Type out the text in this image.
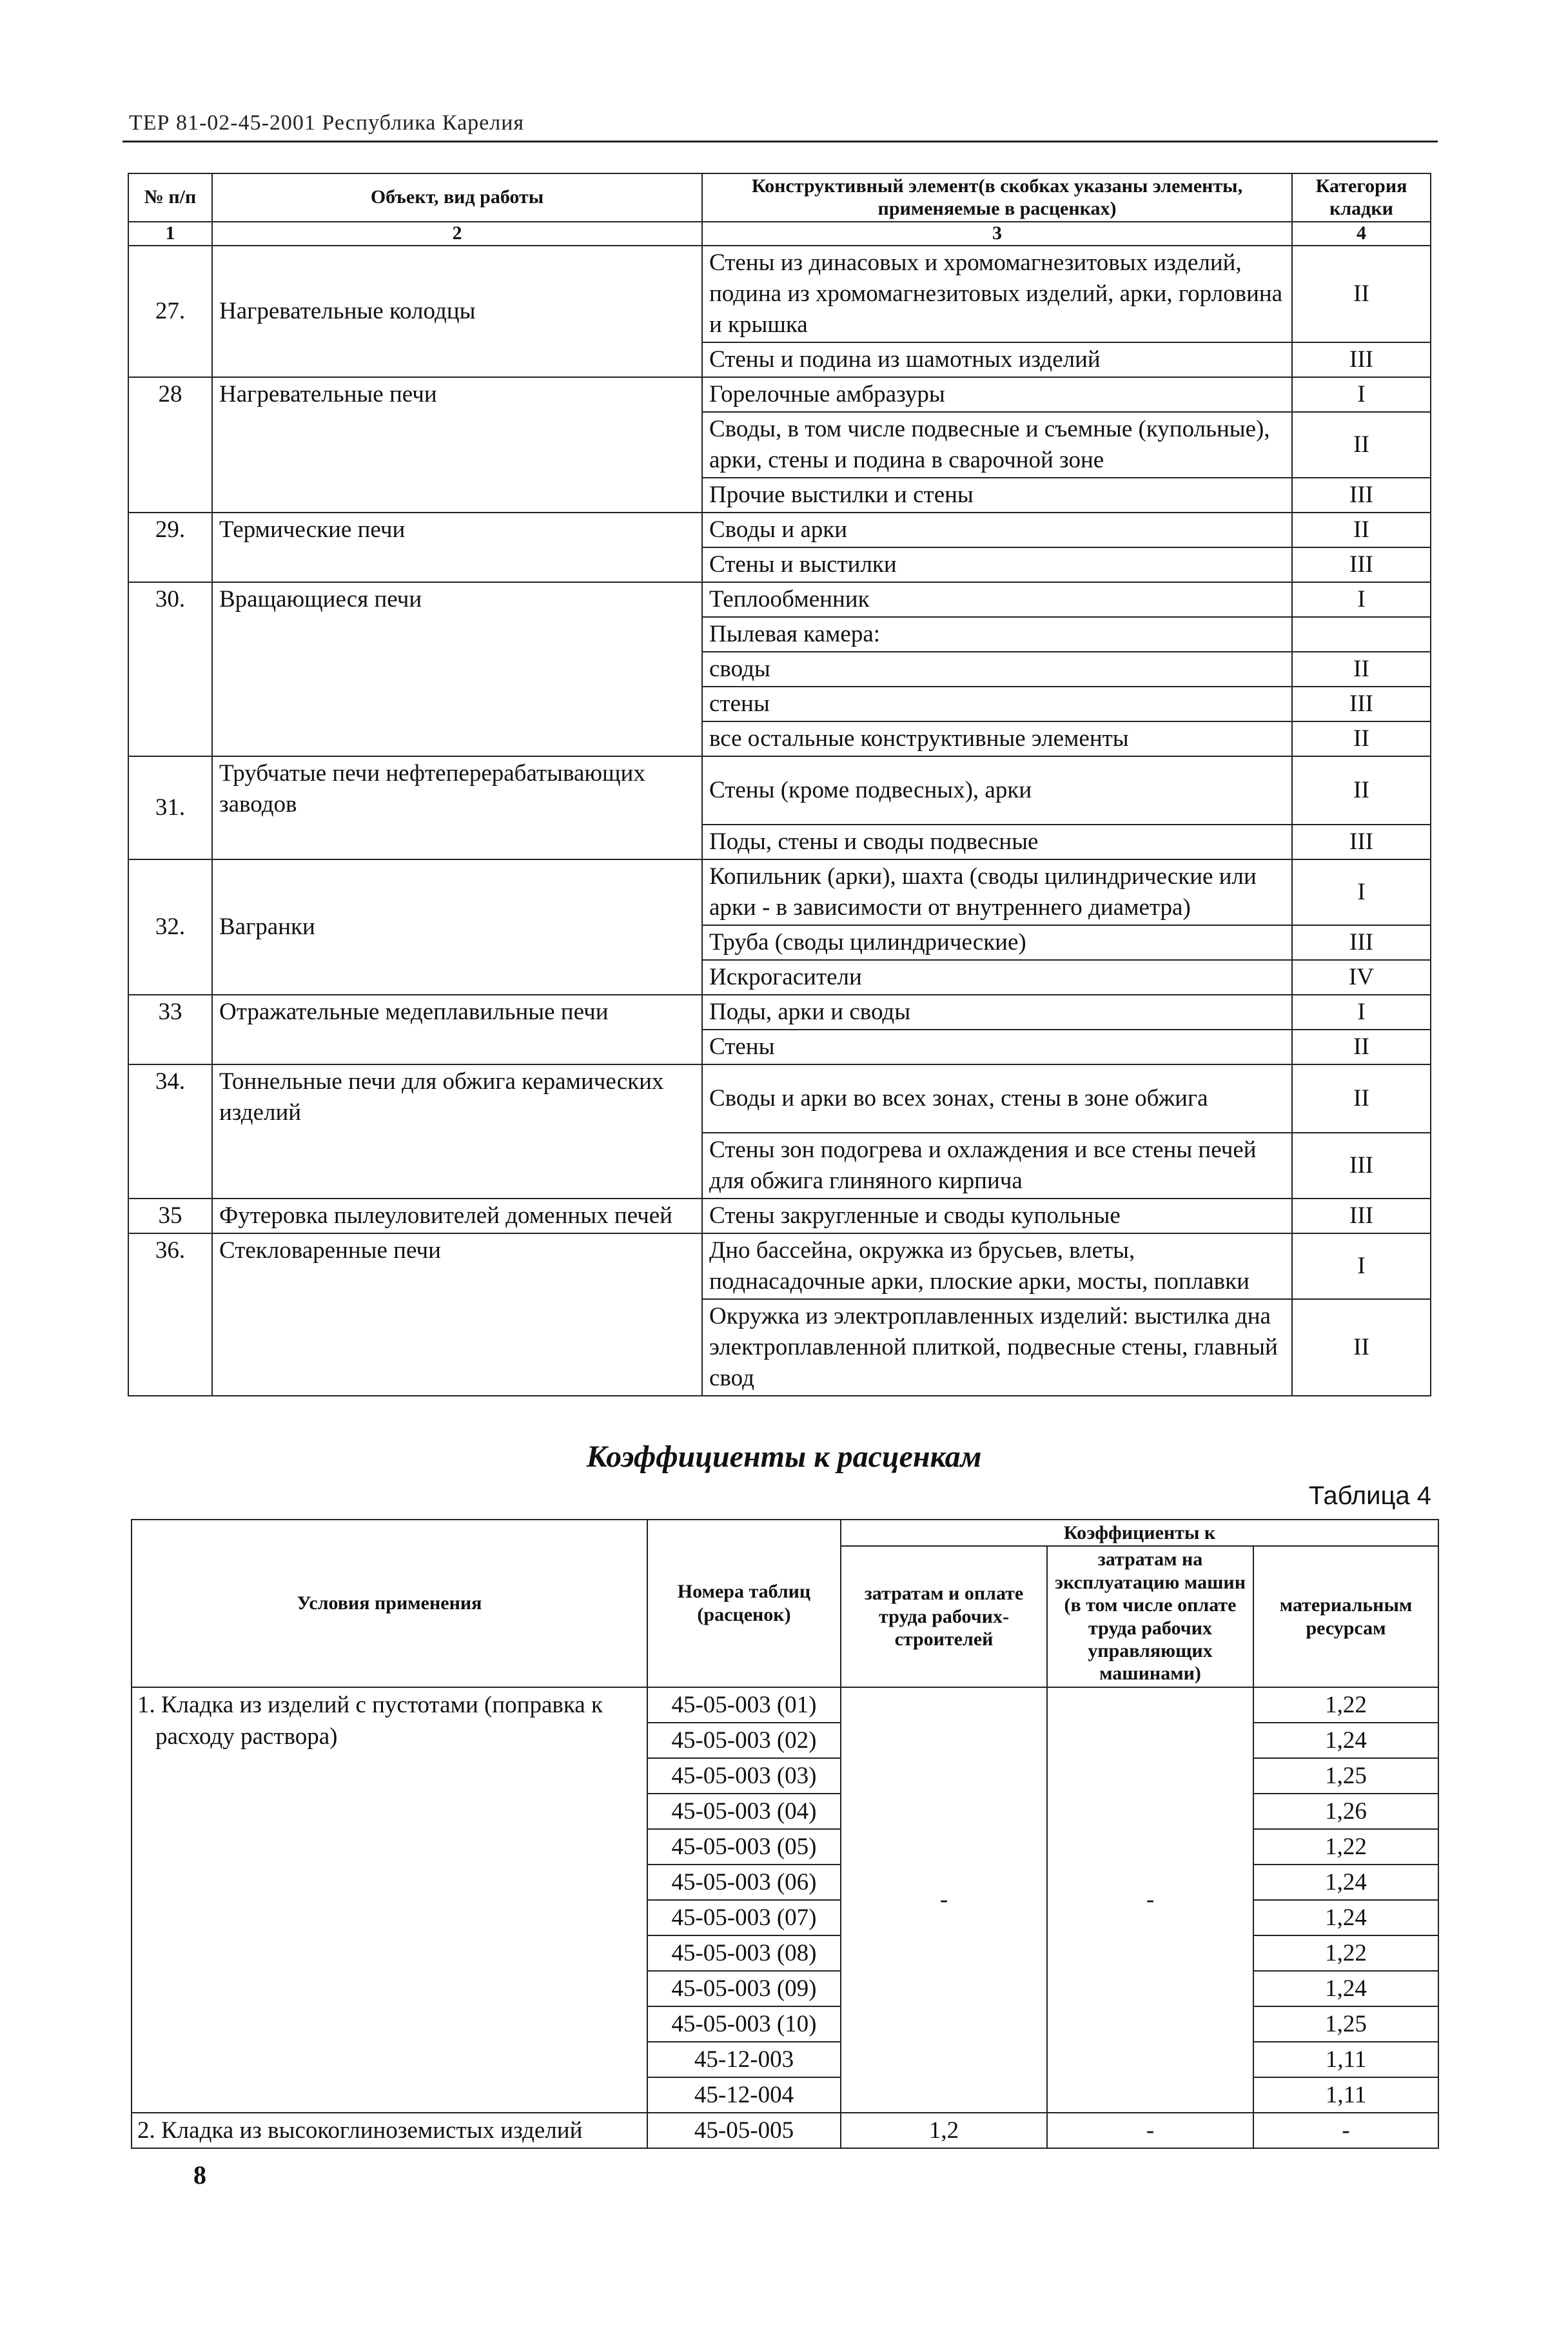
ТЕР 81-02-45-2001 Республика Карелия
№ п/п	Объект, вид работы	Конструктивный элемент(в скобках указаны элементы, применяемые в расценках)	Категория кладки
1	2	3	4
27.	Нагревательные колодцы	Стены из динасовых и хромомагнезитовых изделий, подина из хромомагнезитовых изделий, арки, горловина и крышка	II
		Стены и подина из шамотных изделий	III
28	Нагревательные печи	Горелочные амбразуры	I
		Своды, в том числе подвесные и съемные (купольные), арки, стены и подина в сварочной зоне	II
		Прочие выстилки и стены	III
29.	Термические печи	Своды и арки	II
		Стены и выстилки	III
30.	Вращающиеся печи	Теплообменник	I
		Пылевая камера:	
		своды	II
		стены	III
		все остальные конструктивные элементы	II
31.	Трубчатые печи нефтеперерабатывающих заводов	Стены (кроме подвесных), арки	II
		Поды, стены и своды подвесные	III
32.	Вагранки	Копильник (арки), шахта (своды цилиндрические или арки - в зависимости от внутреннего диаметра)	I
		Труба (своды цилиндрические)	III
		Искрогасители	IV
33	Отражательные медеплавильные печи	Поды, арки и своды	I
		Стены	II
34.	Тоннельные печи для обжига керамических изделий	Своды и арки во всех зонах, стены в зоне обжига	II
		Стены зон подогрева и охлаждения и все стены печей для обжига глиняного кирпича	III
35	Футеровка пылеуловителей доменных печей	Стены закругленные и своды купольные	III
36.	Стекловаренные печи	Дно бассейна, окружка из брусьев, влеты, поднасадочные арки, плоские арки, мосты, поплавки	I
		Окружка из электроплавленных изделий: выстилка дна электроплавленной плиткой, подвесные стены, главный свод	II
Коэффициенты к расценкам
Таблица 4
Условия применения	Номера таблиц (расценок)	Коэффициенты к		
		затратам и оплате труда рабочих-строителей	затратам на эксплуатацию машин (в том числе оплате труда рабочих управляющих машинами)	материальным ресурсам

1. Кладка из изделий с пустотами (поправка к расходу раствора)	45-05-003 (01)	-	-	1,22
	45-05-003 (02)			1,24
	45-05-003 (03)			1,25
	45-05-003 (04)			1,26
	45-05-003 (05)			1,22
	45-05-003 (06)			1,24
	45-05-003 (07)			1,24
	45-05-003 (08)			1,22
	45-05-003 (09)			1,24
	45-05-003 (10)			1,25
	45-12-003			1,11
	45-12-004			1,11
2. Кладка из высокоглиноземистых изделий	45-05-005	1,2	-	-
8
